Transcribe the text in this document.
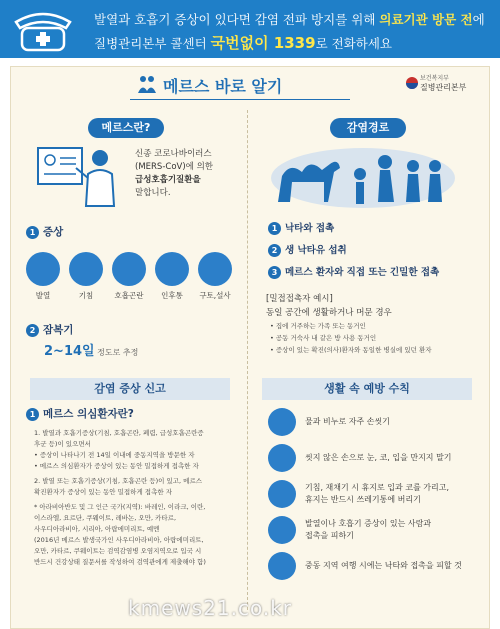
발열과 호흡기 증상이 있다면 감염 전파 방지를 위해 의료기관 방문 전에
질병관리본부 콜센터 국번없이 1339로 전화하세요
메르스 바로 알기	보건복지부
질병관리본부
메르스란?
신종 코로나바이러스
(MERS-CoV)에 의한
급성호흡기질환을
말합니다.
1 증상
발열	기침	호흡곤란	인후통	구토,설사
2 잠복기
2~14일 정도로 추정
감염 증상 신고
1 메르스 의심환자란?
1. 발열과 호흡기증상(기침, 호흡곤란, 폐렴, 급성호흡곤란증
후군 등)이 있으면서
• 증상이 나타나기 전 14일 이내에 중동지역을 방문한 자
• 메르스 의심환자가 증상이 있는 동안 밀접하게 접촉한 자
2. 발열 또는 호흡기증상(기침, 호흡곤란 등)이 있고, 메르스
확진환자가 증상이 있는 동안 밀접하게 접촉한 자
* 아라비아반도 및 그 인근 국가(지역): 바레인, 이라크, 이란,
이스라엘, 요르단, 쿠웨이트, 레바논, 오만, 카타르,
사우디아라비아, 시리아, 아랍에미리트, 예멘
(2016년 메르스 발생국가인 사우디아라비아, 아랍에미리트,
오만, 카타르, 쿠웨이트는 검역감염병 오염지역으로 입국 시
반드시 건강상태 질문서를 작성하여 검역관에게 제출해야 함)
감염경로
1 낙타와 접촉
2 생 낙타유 섭취
3 메르스 환자와 직접 또는 긴밀한 접촉
[밀접접촉자 예시]
동일 공간에 생활하거나 머문 경우
• 집에 거주하는 가족 또는 동거인
• 공동 거숙사 내 같은 방 사용 동거인
• 증상이 있는 확진(의사)환자와 동일한 병실에 있던 환자
생활 속 예방 수칙
물과 비누로 자주 손씻기
씻지 않은 손으로 눈, 코, 입을 만지지 말기
기침, 재채기 시 휴지로 입과 코를 가리고,
휴지는 반드시 쓰레기통에 버리기
발열이나 호흡기 증상이 있는 사람과
접촉을 피하기
중동 지역 여행 시에는 낙타와 접촉을 피할 것
kmews21.co.kr
